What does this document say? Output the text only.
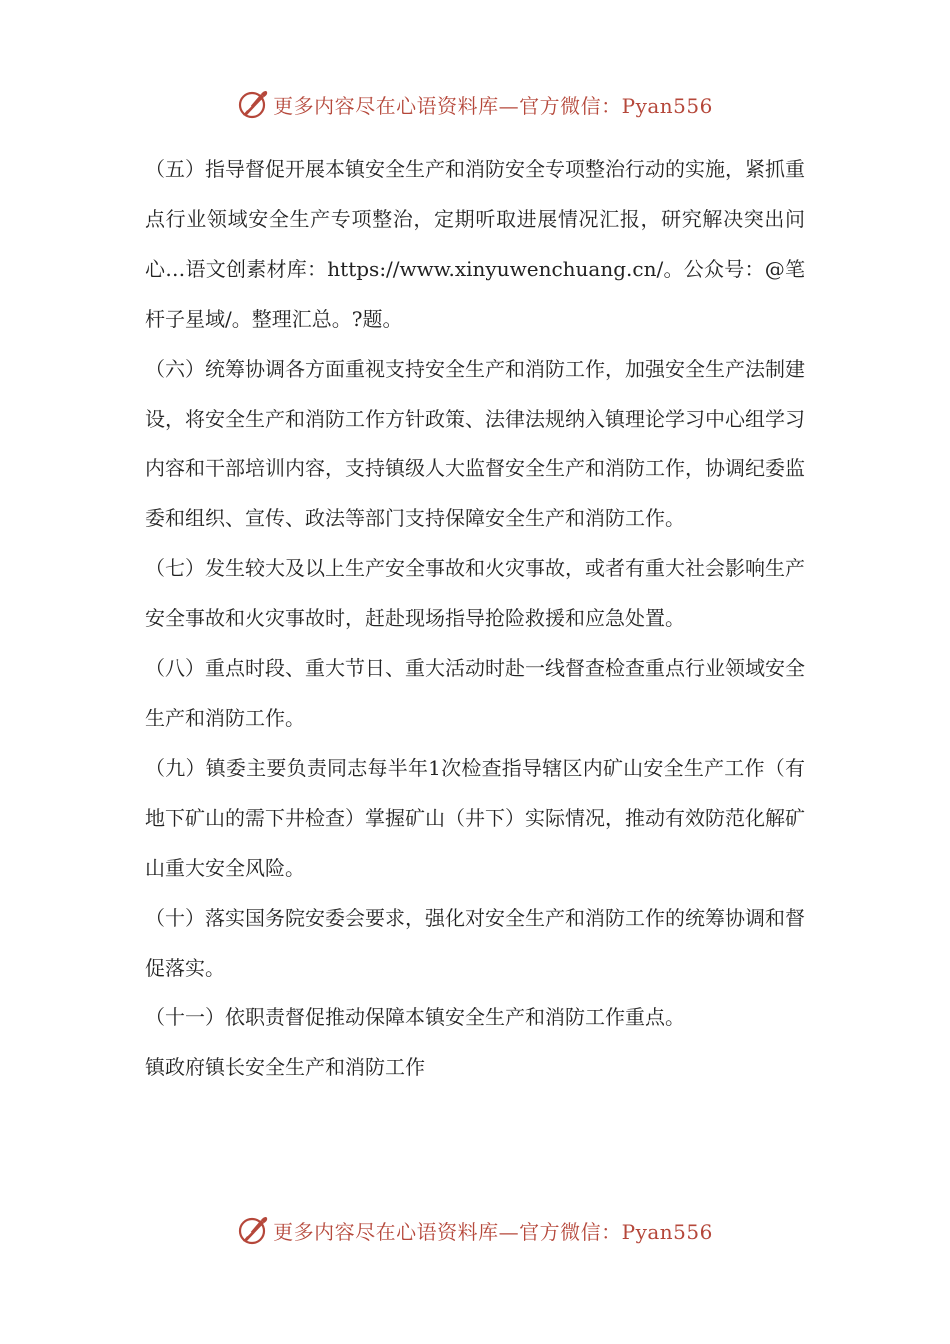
更多内容尽在心语资料库—官方微信：Pyan556

（五）指导督促开展本镇安全生产和消防安全专项整治行动的实施，紧抓重点行业领域安全生产专项整治，定期听取进展情况汇报，研究解决突出问心…语文创素材库：https://www.xinyuwenchuang.cn/。公众号：@笔杆子星域/。整理汇总。?题。

（六）统筹协调各方面重视支持安全生产和消防工作，加强安全生产法制建设，将安全生产和消防工作方针政策、法律法规纳入镇理论学习中心组学习内容和干部培训内容，支持镇级人大监督安全生产和消防工作，协调纪委监委和组织、宣传、政法等部门支持保障安全生产和消防工作。

（七）发生较大及以上生产安全事故和火灾事故，或者有重大社会影响生产安全事故和火灾事故时，赶赴现场指导抢险救援和应急处置。

（八）重点时段、重大节日、重大活动时赴一线督查检查重点行业领域安全生产和消防工作。

（九）镇委主要负责同志每半年1次检查指导辖区内矿山安全生产工作（有地下矿山的需下井检查）掌握矿山（井下）实际情况，推动有效防范化解矿山重大安全风险。

（十）落实国务院安委会要求，强化对安全生产和消防工作的统筹协调和督促落实。

（十一）依职责督促推动保障本镇安全生产和消防工作重点。

镇政府镇长安全生产和消防工作

更多内容尽在心语资料库—官方微信：Pyan556
